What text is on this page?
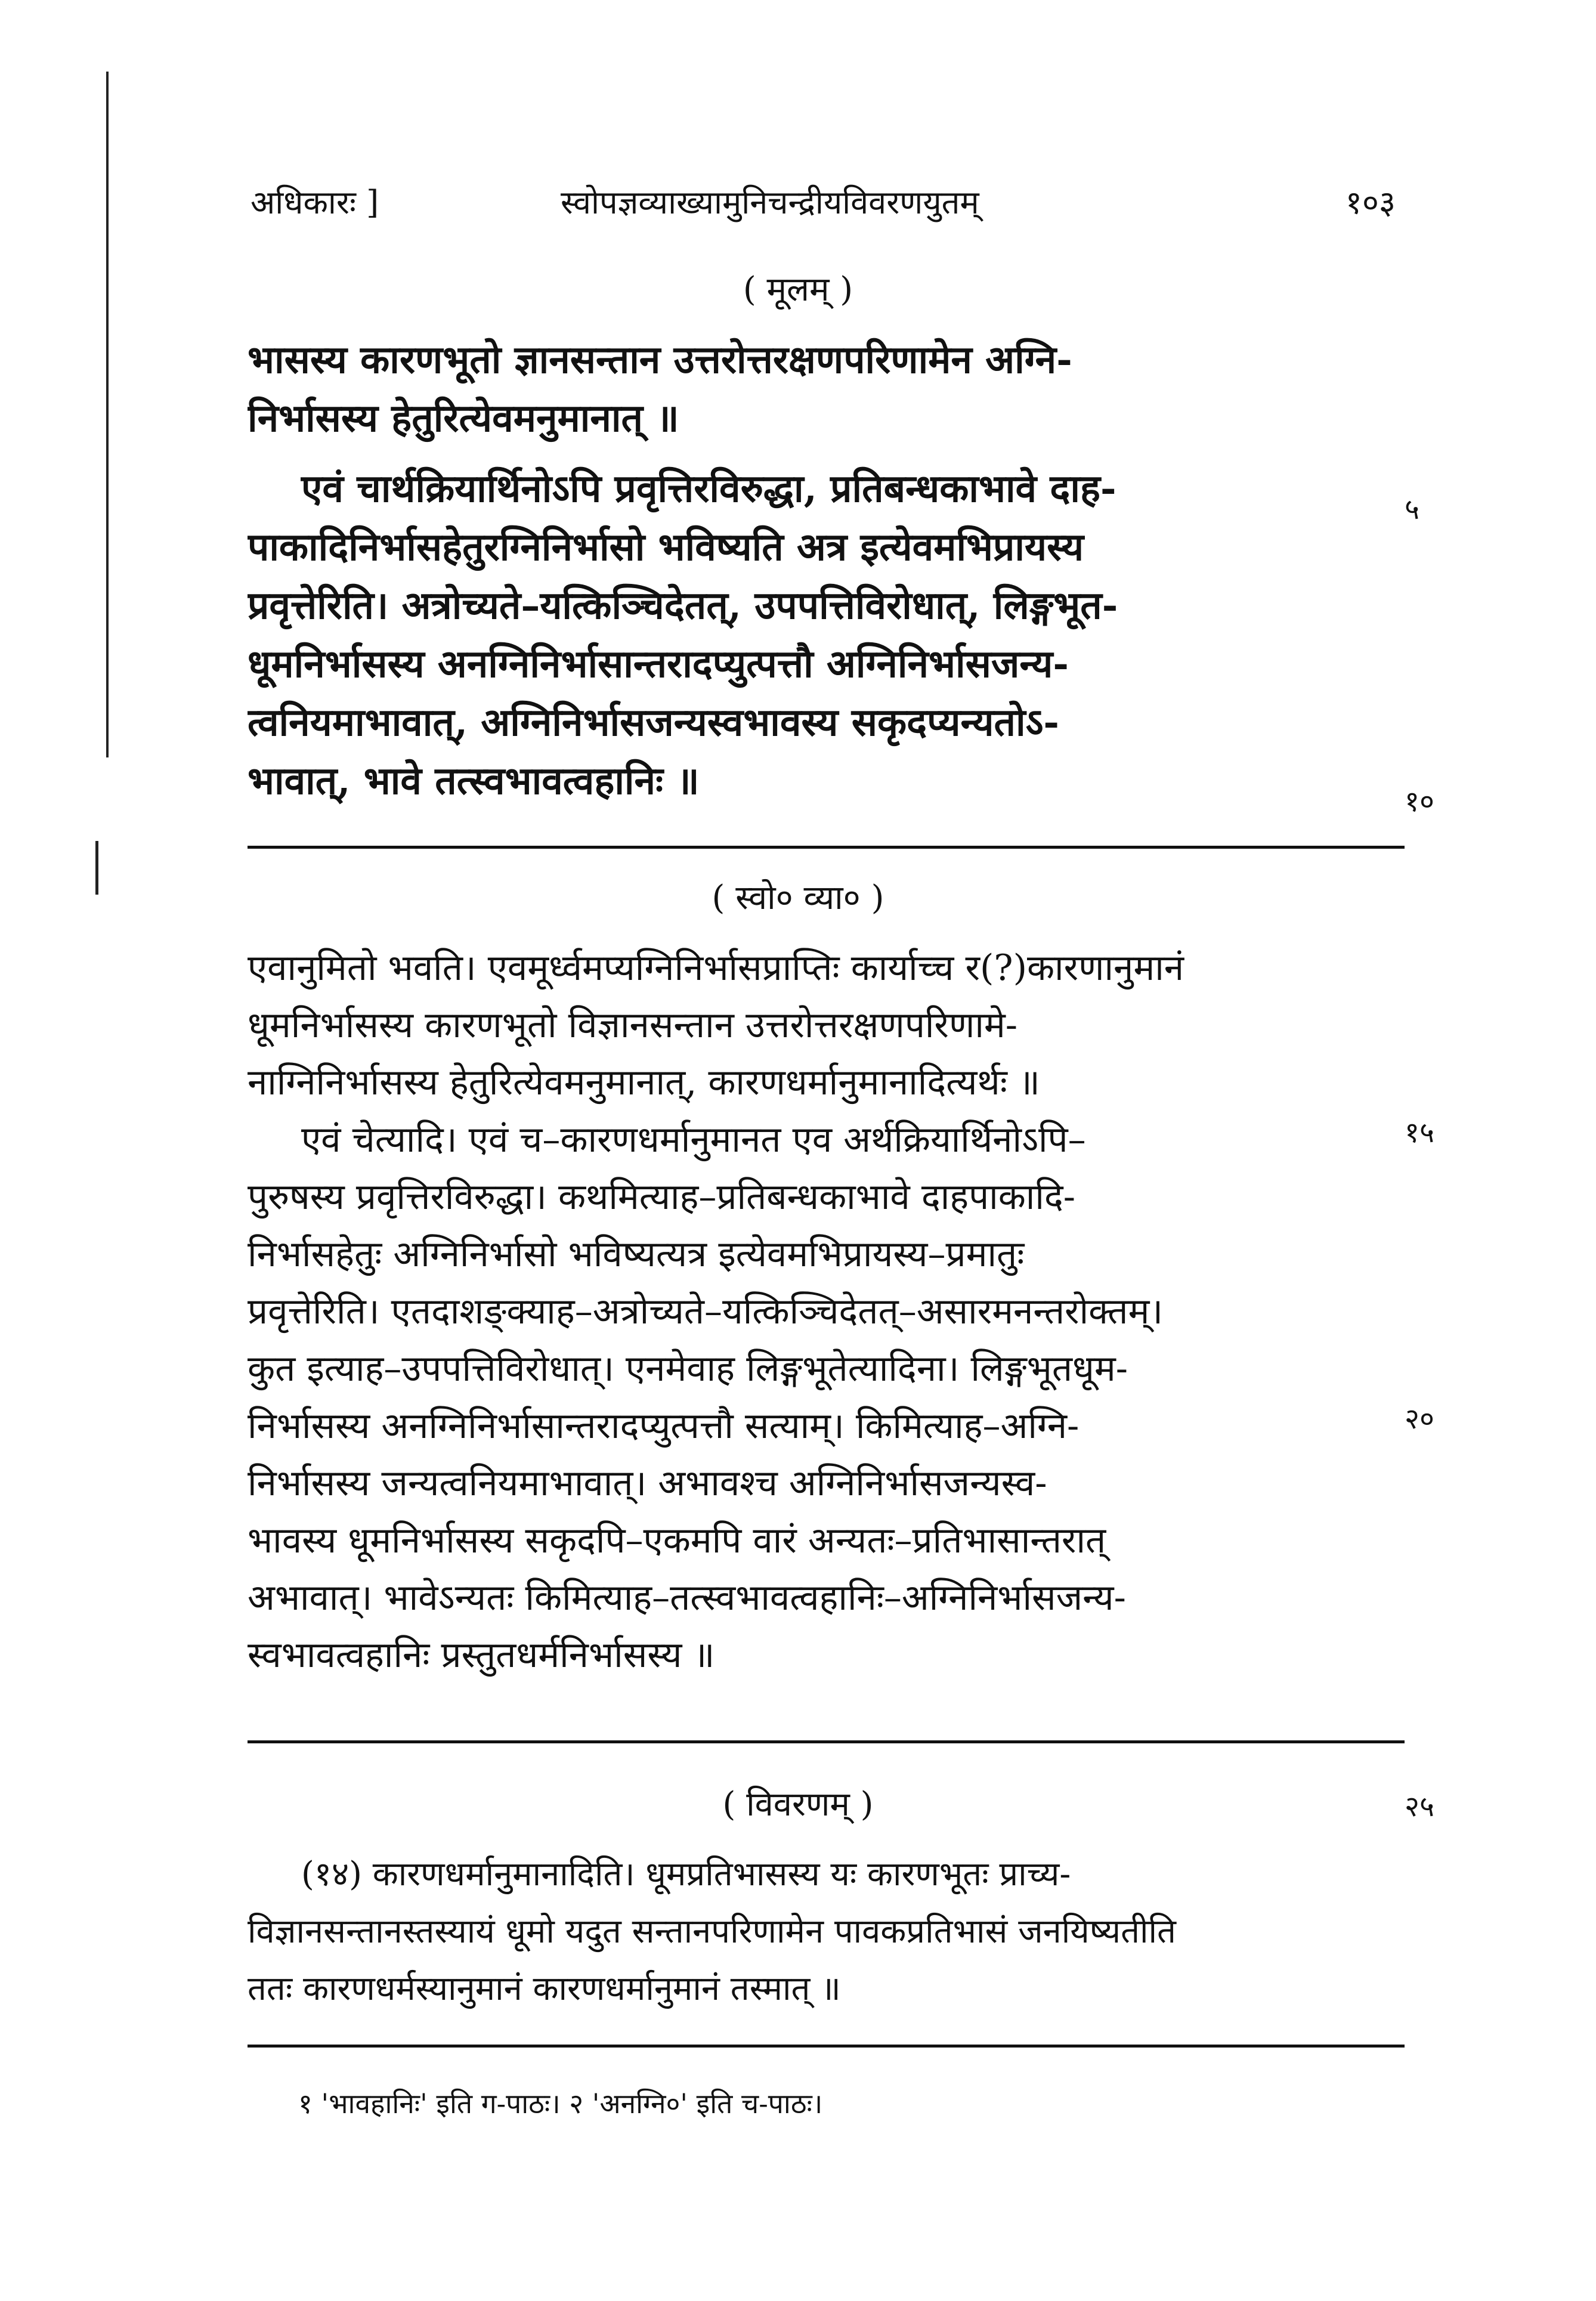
अधिकारः ]	स्वोपज्ञव्याख्यामुनिचन्द्रीयविवरणयुतम्	१०३
( मूलम् )
भासस्य कारणभूतो ज्ञानसन्तान उत्तरोत्तरक्षणपरिणामेन अग्नि-
निर्भासस्य हेतुरित्येवमनुमानात् ॥
एवं चार्थक्रियार्थिनोऽपि प्रवृत्तिरविरुद्धा, प्रतिबन्धकाभावे दाह-
पाकादिनिर्भासहेतुरग्निनिर्भासो भविष्यति अत्र इत्येवमभिप्रायस्य
प्रवृत्तेरिति। अत्रोच्यते–यत्किञ्चिदेतत्, उपपत्तिविरोधात्, लिङ्गभूत-
धूमनिर्भासस्य अनग्निनिर्भासान्तरादप्युत्पत्तौ अग्निनिर्भासजन्य-
त्वनियमाभावात्, अग्निनिर्भासजन्यस्वभावस्य सकृदप्यन्यतोऽ-
भावात्, भावे तत्स्वभावत्वहानिः ॥
५
१०
( स्वो० व्या० )
एवानुमितो भवति। एवमूर्ध्वमप्यग्निनिर्भासप्राप्तिः कार्याच्च र(?)कारणानुमानं
धूमनिर्भासस्य कारणभूतो विज्ञानसन्तान उत्तरोत्तरक्षणपरिणामे-
नाग्निनिर्भासस्य हेतुरित्येवमनुमानात्, कारणधर्मानुमानादित्यर्थः ॥
एवं चेत्यादि। एवं च–कारणधर्मानुमानत एव अर्थक्रियार्थिनोऽपि–
पुरुषस्य प्रवृत्तिरविरुद्धा। कथमित्याह–प्रतिबन्धकाभावे दाहपाकादि-
निर्भासहेतुः अग्निनिर्भासो भविष्यत्यत्र इत्येवमभिप्रायस्य–प्रमातुः
प्रवृत्तेरिति। एतदाशङ्क्याह–अत्रोच्यते–यत्किञ्चिदेतत्–असारमनन्तरोक्तम्।
कुत इत्याह–उपपत्तिविरोधात्। एनमेवाह लिङ्गभूतेत्यादिना। लिङ्गभूतधूम-
निर्भासस्य अनग्निनिर्भासान्तरादप्युत्पत्तौ सत्याम्। किमित्याह–अग्नि-
निर्भासस्य जन्यत्वनियमाभावात्। अभावश्च अग्निनिर्भासजन्यस्व-
भावस्य धूमनिर्भासस्य सकृदपि–एकमपि वारं अन्यतः–प्रतिभासान्तरात्
अभावात्। भावेऽन्यतः किमित्याह–तत्स्वभावत्वहानिः–अग्निनिर्भासजन्य-
स्वभावत्वहानिः प्रस्तुतधर्मनिर्भासस्य ॥
१५
२०
( विवरणम् )	२५
(१४) कारणधर्मानुमानादिति। धूमप्रतिभासस्य यः कारणभूतः प्राच्य-
विज्ञानसन्तानस्तस्यायं धूमो यदुत सन्तानपरिणामेन पावकप्रतिभासं जनयिष्यतीति
ततः कारणधर्मस्यानुमानं कारणधर्मानुमानं तस्मात् ॥
१ 'भावहानिः' इति ग-पाठः। २ 'अनग्नि०' इति च-पाठः।
